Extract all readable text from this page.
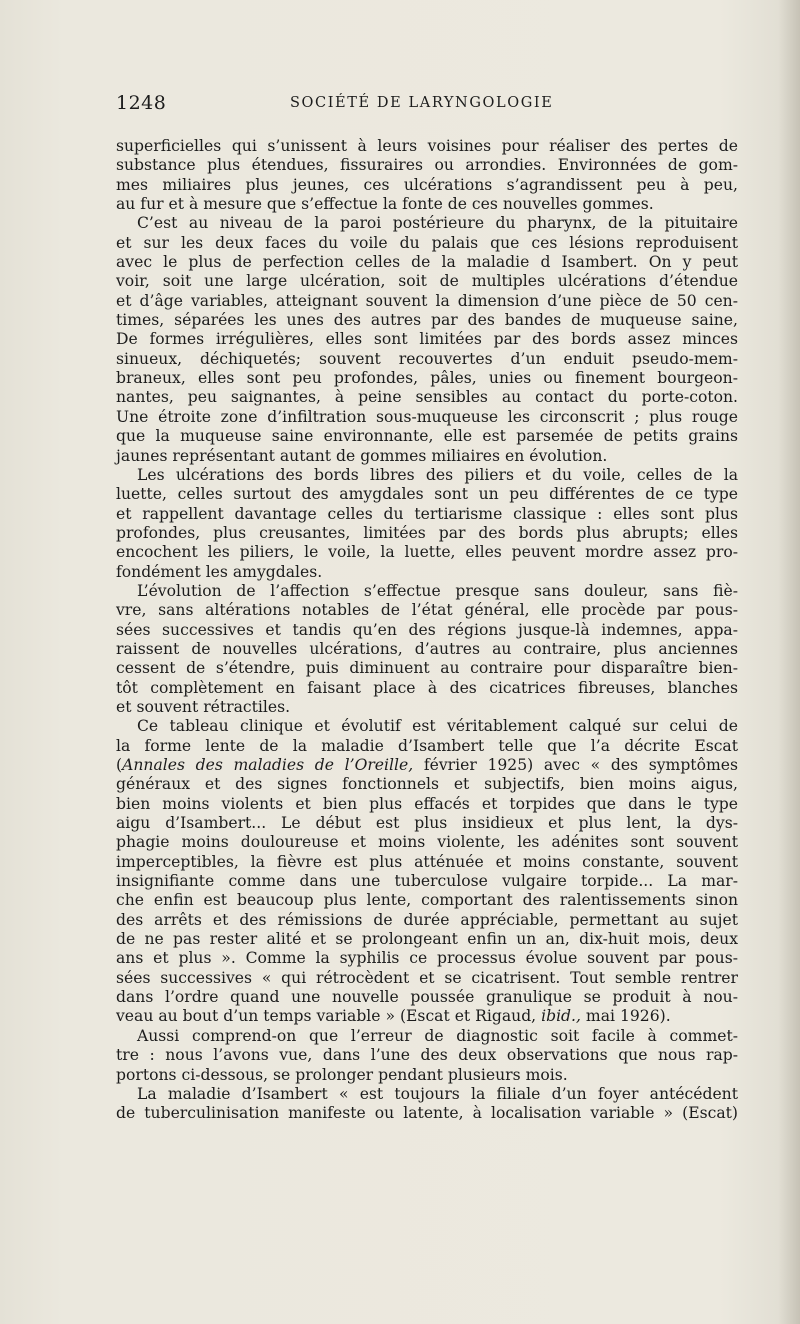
1248	SOCIÉTÉ DE LARYNGOLOGIE
superficielles qui s’unissent à leurs voisines pour réaliser des pertes de
substance plus étendues, fissuraires ou arrondies. Environnées de gom-
mes miliaires plus jeunes, ces ulcérations s’agrandissent peu à peu,
au fur et à mesure que s’effectue la fonte de ces nouvelles gommes.
C’est au niveau de la paroi postérieure du pharynx, de la pituitaire
et sur les deux faces du voile du palais que ces lésions reproduisent
avec le plus de perfection celles de la maladie d Isambert. On y peut
voir, soit une large ulcération, soit de multiples ulcérations d’étendue
et d’âge variables, atteignant souvent la dimension d’une pièce de 50 cen-
times, séparées les unes des autres par des bandes de muqueuse saine,
De formes irrégulières, elles sont limitées par des bords assez minces
sinueux, déchiquetés; souvent recouvertes d’un enduit pseudo-mem-
braneux, elles sont peu profondes, pâles, unies ou finement bourgeon-
nantes, peu saignantes, à peine sensibles au contact du porte-coton.
Une étroite zone d’infiltration sous-muqueuse les circonscrit ; plus rouge
que la muqueuse saine environnante, elle est parsemée de petits grains
jaunes représentant autant de gommes miliaires en évolution.
Les ulcérations des bords libres des piliers et du voile, celles de la
luette, celles surtout des amygdales sont un peu différentes de ce type
et rappellent davantage celles du tertiarisme classique : elles sont plus
profondes, plus creusantes, limitées par des bords plus abrupts; elles
encochent les piliers, le voile, la luette, elles peuvent mordre assez pro-
fondément les amygdales.
L’évolution de l’affection s’effectue presque sans douleur, sans fiè-
vre, sans altérations notables de l’état général, elle procède par pous-
sées successives et tandis qu’en des régions jusque-là indemnes, appa-
raissent de nouvelles ulcérations, d’autres au contraire, plus anciennes
cessent de s’étendre, puis diminuent au contraire pour disparaître bien-
tôt complètement en faisant place à des cicatrices fibreuses, blanches
et souvent rétractiles.
Ce tableau clinique et évolutif est véritablement calqué sur celui de
la forme lente de la maladie d’Isambert telle que l’a décrite Escat
(Annales des maladies de l’Oreille, février 1925) avec « des symptômes
généraux et des signes fonctionnels et subjectifs, bien moins aigus,
bien moins violents et bien plus effacés et torpides que dans le type
aigu d’Isambert... Le début est plus insidieux et plus lent, la dys-
phagie moins douloureuse et moins violente, les adénites sont souvent
imperceptibles, la fièvre est plus atténuée et moins constante, souvent
insignifiante comme dans une tuberculose vulgaire torpide... La mar-
che enfin est beaucoup plus lente, comportant des ralentissements sinon
des arrêts et des rémissions de durée appréciable, permettant au sujet
de ne pas rester alité et se prolongeant enfin un an, dix-huit mois, deux
ans et plus ». Comme la syphilis ce processus évolue souvent par pous-
sées successives « qui rétrocèdent et se cicatrisent. Tout semble rentrer
dans l’ordre quand une nouvelle poussée granulique se produit à nou-
veau au bout d’un temps variable » (Escat et Rigaud, ibid., mai 1926).
Aussi comprend-on que l’erreur de diagnostic soit facile à commet-
tre : nous l’avons vue, dans l’une des deux observations que nous rap-
portons ci-dessous, se prolonger pendant plusieurs mois.
La maladie d’Isambert « est toujours la filiale d’un foyer antécédent
de tuberculinisation manifeste ou latente, à localisation variable » (Escat)
